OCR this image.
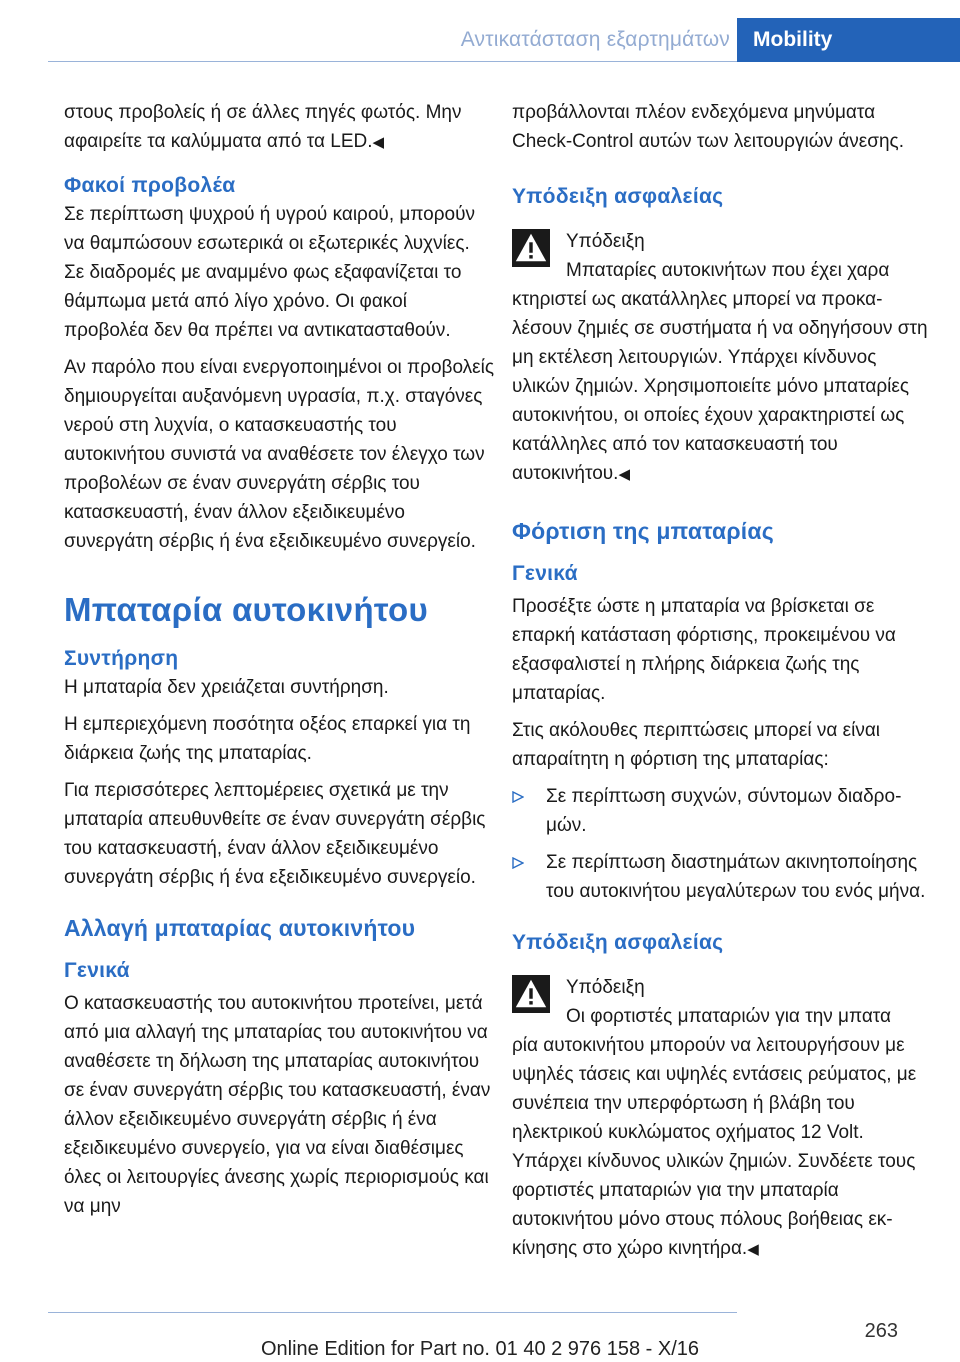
Αντικατάσταση εξαρτημάτων	Mobility

στους προβολείς ή σε άλλες πηγές φωτός. Μην αφαιρείτε τα καλύμματα από τα LED.◀

Φακοί προβολέα

Σε περίπτωση ψυχρού ή υγρού καιρού, μπορούν να θαμπώσουν εσωτερικά οι εξωτερικές λυχνίες. Σε διαδρομές με αναμμένο φως εξαφανίζεται το θάμπωμα μετά από λίγο χρόνο. Οι φακοί προβολέα δεν θα πρέπει να αντικατασταθούν.

Αν παρόλο που είναι ενεργοποιημένοι οι προβολείς δημιουργείται αυξανόμενη υγρασία, π.χ. σταγόνες νερού στη λυχνία, ο κατασκευαστής του αυτοκινήτου συνιστά να αναθέσετε τον έλεγχο των προβολέων σε έναν συνεργάτη σέρβις του κατασκευαστή, έναν άλλον εξειδικευμένο συνεργάτη σέρβις ή ένα εξειδικευμένο συνεργείο.

Μπαταρία αυτοκινήτου
Συντήρηση

Η μπαταρία δεν χρειάζεται συντήρηση.

Η εμπεριεχόμενη ποσότητα οξέος επαρκεί για τη διάρκεια ζωής της μπαταρίας.

Για περισσότερες λεπτομέρειες σχετικά με την μπαταρία απευθυνθείτε σε έναν συνεργάτη σέρβις του κατασκευαστή, έναν άλλον εξειδικευμένο συνεργάτη σέρβις ή ένα εξειδικευμένο συνεργείο.

Αλλαγή μπαταρίας αυτοκινήτου
Γενικά

Ο κατασκευαστής του αυτοκινήτου προτείνει, μετά από μια αλλαγή της μπαταρίας του αυτοκινήτου να αναθέσετε τη δήλωση της μπαταρίας αυτοκινήτου σε έναν συνεργάτη σέρβις του κατασκευαστή, έναν άλλον εξειδικευμένο συνεργάτη σέρβις ή ένα εξειδικευμένο συνεργείο, για να είναι διαθέσιμες όλες οι λειτουργίες άνεσης χωρίς περιορισμούς και να μην

προβάλλονται πλέον ενδεχόμενα μηνύματα Check-Control αυτών των λειτουργιών άνεσης.

Υπόδειξη ασφαλείας
Υπόδειξη
Μπαταρίες αυτοκινήτων που έχει χαρα
κτηριστεί ως ακατάλληλες μπορεί να προκαλέσουν ζημιές σε συστήματα ή να οδηγήσουν στη μη εκτέλεση λειτουργιών. Υπάρχει κίνδυνος υλικών ζημιών. Χρησιμοποιείτε μόνο μπαταρίες αυτοκινήτου, οι οποίες έχουν χαρακτηριστεί ως κατάλληλες από τον κατασκευαστή του αυτοκινήτου.◀
Φόρτιση της μπαταρίας
Γενικά

Προσέξτε ώστε η μπαταρία να βρίσκεται σε επαρκή κατάσταση φόρτισης, προκειμένου να εξασφαλιστεί η πλήρης διάρκεια ζωής της μπαταρίας.

Στις ακόλουθες περιπτώσεις μπορεί να είναι απαραίτητη η φόρτιση της μπαταρίας:

Σε περίπτωση συχνών, σύντομων διαδρομών.
Σε περίπτωση διαστημάτων ακινητοποίησης του αυτοκινήτου μεγαλύτερων του ενός μήνα.
Υπόδειξη ασφαλείας
Υπόδειξη
Οι φορτιστές μπαταριών για την μπατα
ρία αυτοκινήτου μπορούν να λειτουργήσουν με υψηλές τάσεις και υψηλές εντάσεις ρεύματος, με συνέπεια την υπερφόρτωση ή βλάβη του ηλεκτρικού κυκλώματος οχήματος 12 Volt. Υπάρχει κίνδυνος υλικών ζημιών. Συνδέετε τους φορτιστές μπαταριών για την μπαταρία αυτοκινήτου μόνο στους πόλους βοήθειας εκκίνησης στο χώρο κινητήρα.◀
263
Online Edition for Part no. 01 40 2 976 158 - X/16
